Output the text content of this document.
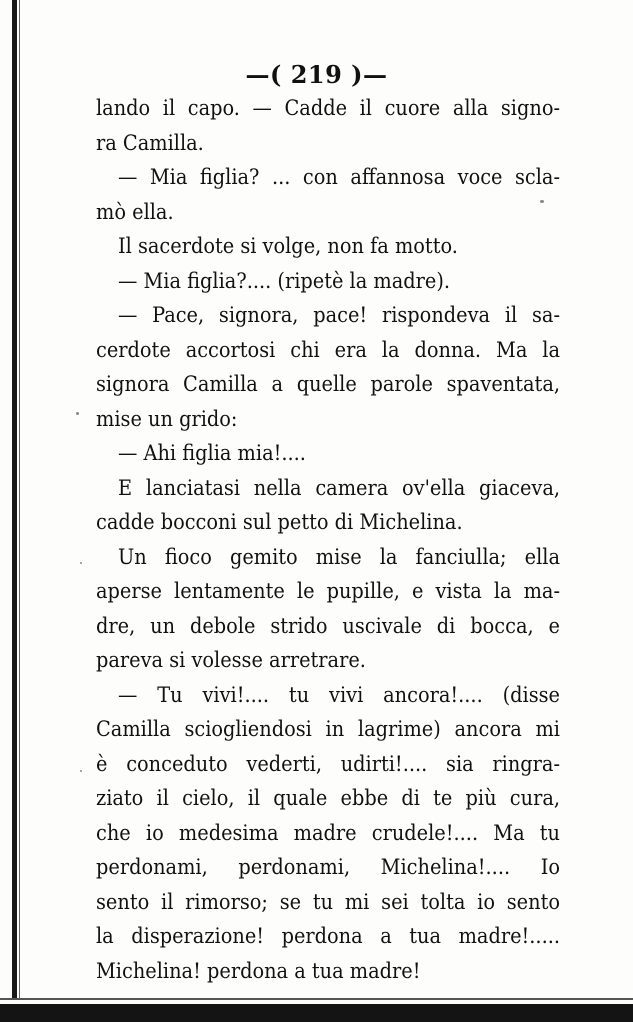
—( 219 )—
lando il capo. — Cadde il cuore alla signo-
ra Camilla.
— Mia figlia? ... con affannosa voce scla-
mò ella.
Il sacerdote si volge, non fa motto.
— Mia figlia?.... (ripetè la madre).
— Pace, signora, pace! rispondeva il sa-
cerdote accortosi chi era la donna. Ma la
signora Camilla a quelle parole spaventata,
mise un grido:
— Ahi figlia mia!....
E lanciatasi nella camera ov'ella giaceva,
cadde bocconi sul petto di Michelina.
Un fioco gemito mise la fanciulla; ella
aperse lentamente le pupille, e vista la ma-
dre, un debole strido uscivale di bocca, e
pareva si volesse arretrare.
— Tu vivi!.... tu vivi ancora!.... (disse
Camilla sciogliendosi in lagrime) ancora mi
è conceduto vederti, udirti!.... sia ringra-
ziato il cielo, il quale ebbe di te più cura,
che io medesima madre crudele!.... Ma tu
perdonami, perdonami, Michelina!.... Io
sento il rimorso; se tu mi sei tolta io sento
la disperazione! perdona a tua madre!.....
Michelina! perdona a tua madre!
